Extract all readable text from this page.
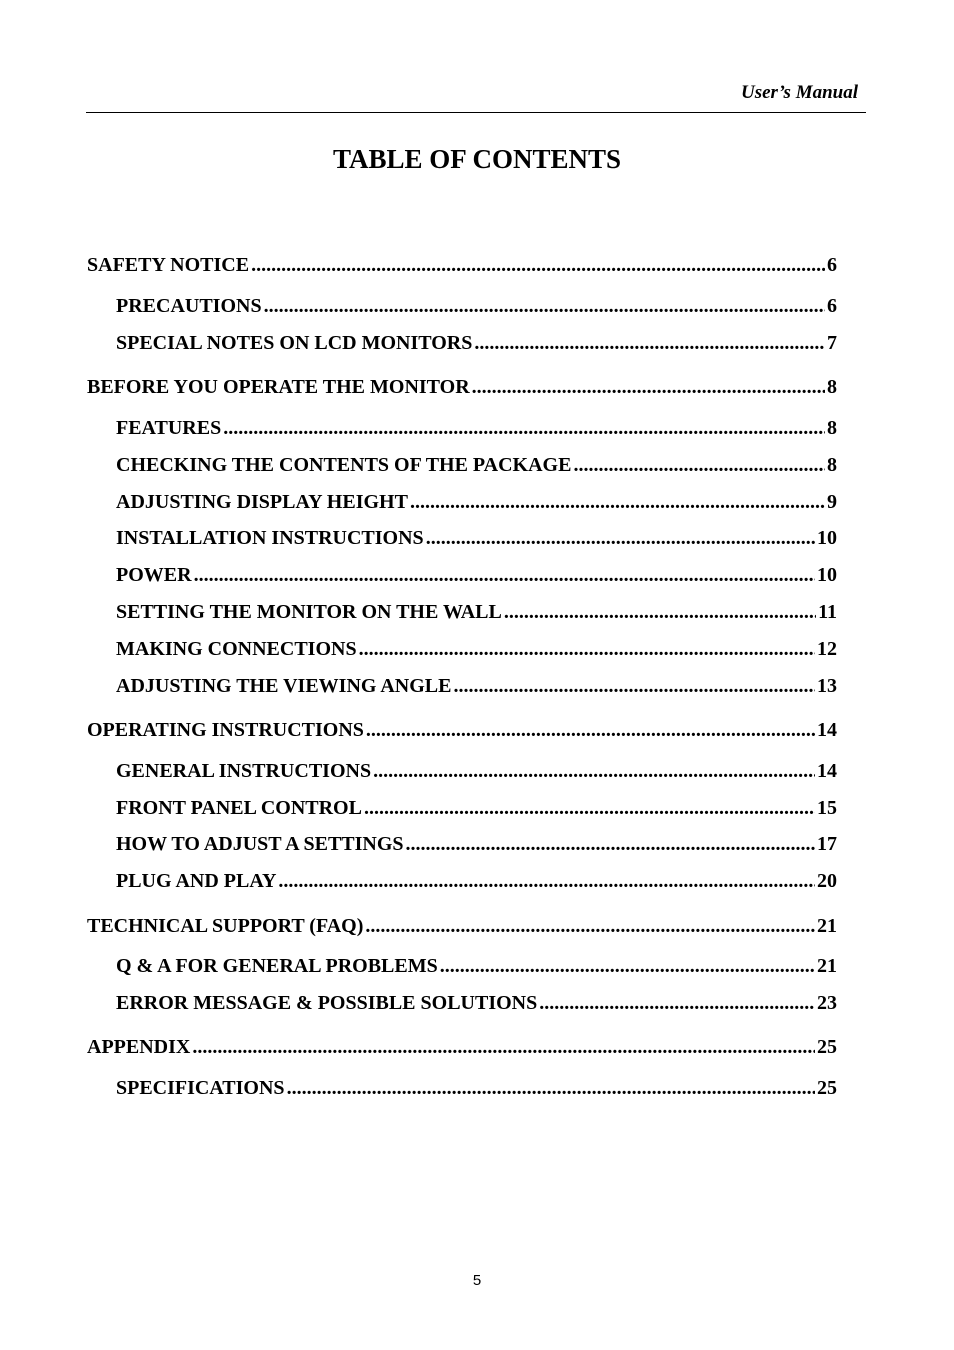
User’s Manual
TABLE OF CONTENTS
SAFETY NOTICE .....	6
PRECAUTIONS .....	6
SPECIAL NOTES ON LCD MONITORS .....	7
BEFORE YOU OPERATE THE MONITOR .....	8
FEATURES .....	8
CHECKING THE CONTENTS OF THE PACKAGE .....	8
ADJUSTING DISPLAY HEIGHT .....	9
INSTALLATION INSTRUCTIONS .....	10
POWER .....	10
SETTING THE MONITOR ON THE WALL .....	11
MAKING CONNECTIONS .....	12
ADJUSTING THE VIEWING ANGLE .....	13
OPERATING INSTRUCTIONS .....	14
GENERAL INSTRUCTIONS .....	14
FRONT PANEL CONTROL .....	15
HOW TO ADJUST A SETTINGS .....	17
PLUG AND PLAY .....	20
TECHNICAL SUPPORT (FAQ) .....	21
Q & A FOR GENERAL PROBLEMS .....	21
ERROR MESSAGE & POSSIBLE SOLUTIONS .....	23
APPENDIX .....	25
SPECIFICATIONS .....	25
5
